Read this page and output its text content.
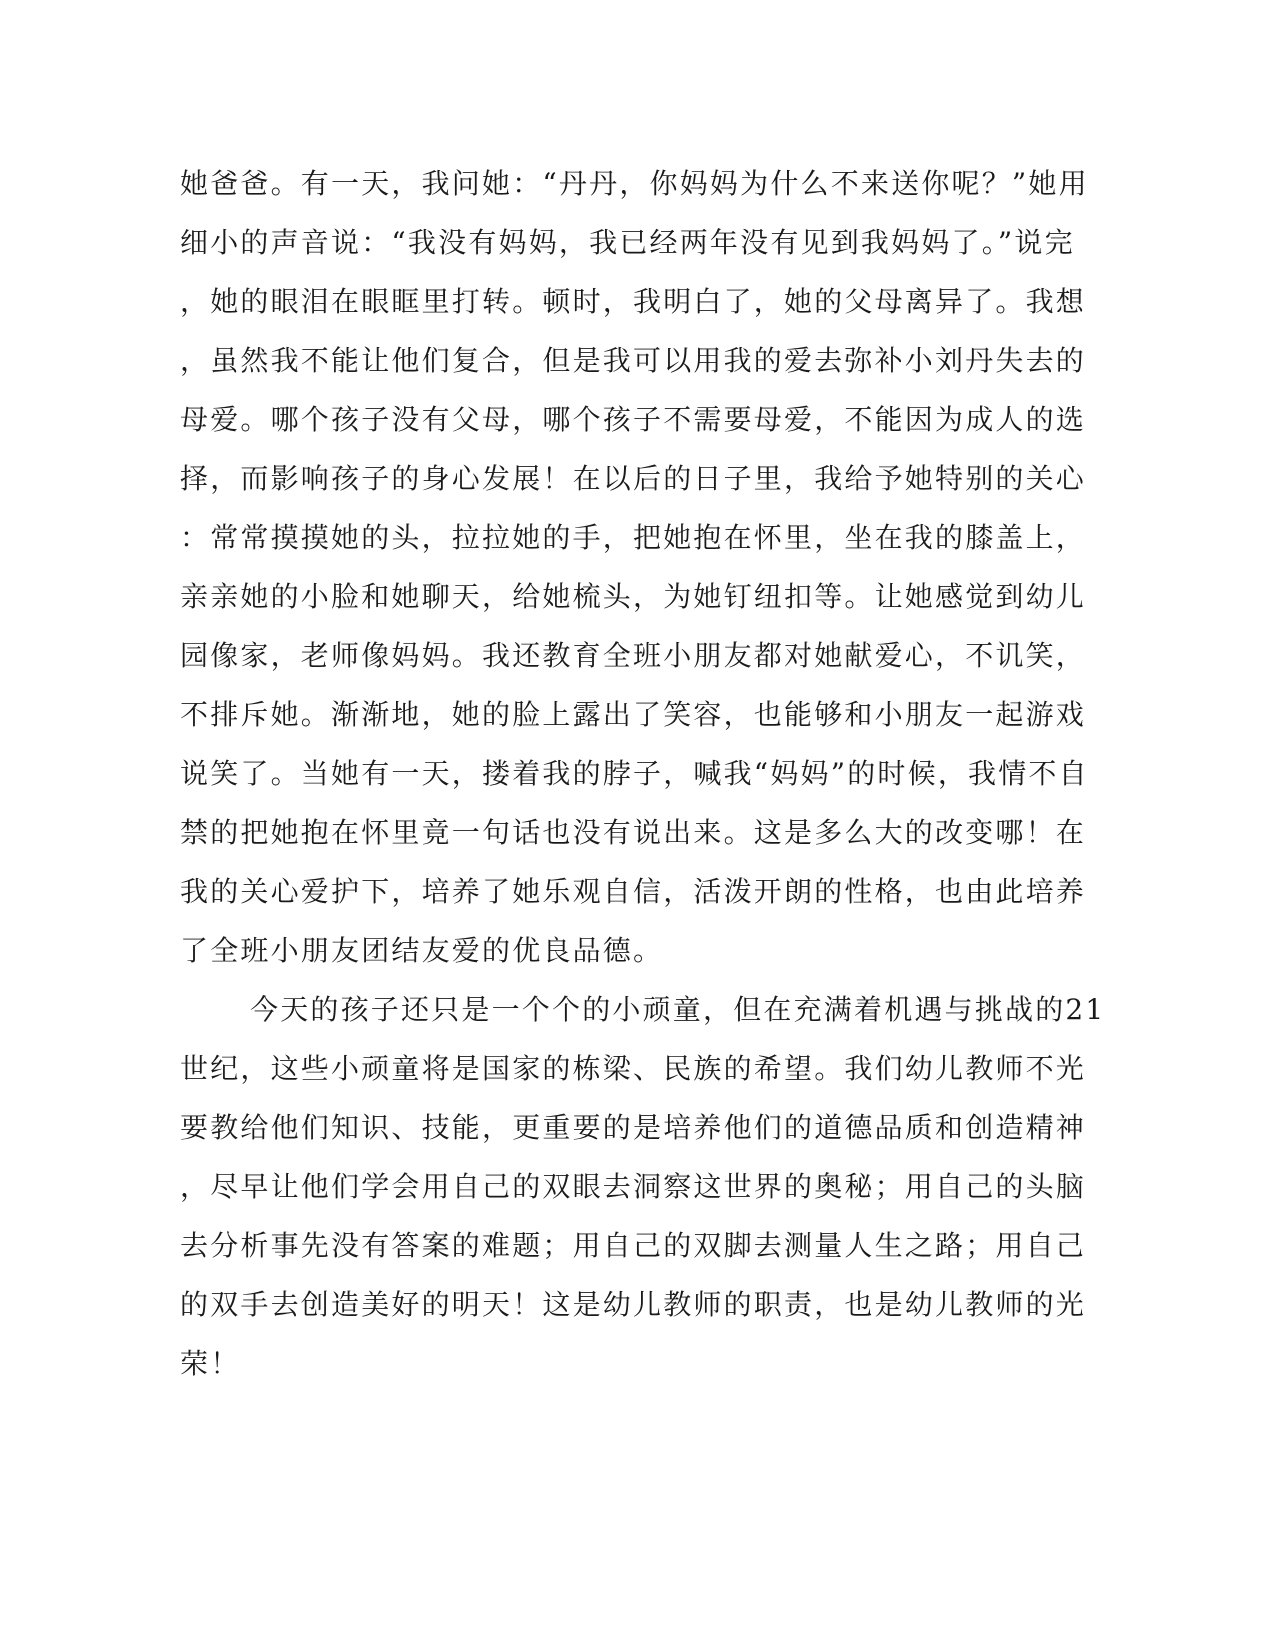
她爸爸。有一天，我问她：“丹丹，你妈妈为什么不来送你呢？”她用
细小的声音说：“我没有妈妈，我已经两年没有见到我妈妈了。”说完
，她的眼泪在眼眶里打转。顿时，我明白了，她的父母离异了。我想
，虽然我不能让他们复合，但是我可以用我的爱去弥补小刘丹失去的
母爱。哪个孩子没有父母，哪个孩子不需要母爱，不能因为成人的选
择，而影响孩子的身心发展！在以后的日子里，我给予她特别的关心
：常常摸摸她的头，拉拉她的手，把她抱在怀里，坐在我的膝盖上，
亲亲她的小脸和她聊天，给她梳头，为她钉纽扣等。让她感觉到幼儿
园像家，老师像妈妈。我还教育全班小朋友都对她献爱心，不讥笑，
不排斥她。渐渐地，她的脸上露出了笑容，也能够和小朋友一起游戏
说笑了。当她有一天，搂着我的脖子，喊我“妈妈”的时候，我情不自
禁的把她抱在怀里竟一句话也没有说出来。这是多么大的改变哪！在
我的关心爱护下，培养了她乐观自信，活泼开朗的性格，也由此培养
了全班小朋友团结友爱的优良品德。
今天的孩子还只是一个个的小顽童，但在充满着机遇与挑战的21
世纪，这些小顽童将是国家的栋梁、民族的希望。我们幼儿教师不光
要教给他们知识、技能，更重要的是培养他们的道德品质和创造精神
，尽早让他们学会用自己的双眼去洞察这世界的奥秘；用自己的头脑
去分析事先没有答案的难题；用自己的双脚去测量人生之路；用自己
的双手去创造美好的明天！这是幼儿教师的职责，也是幼儿教师的光
荣！
